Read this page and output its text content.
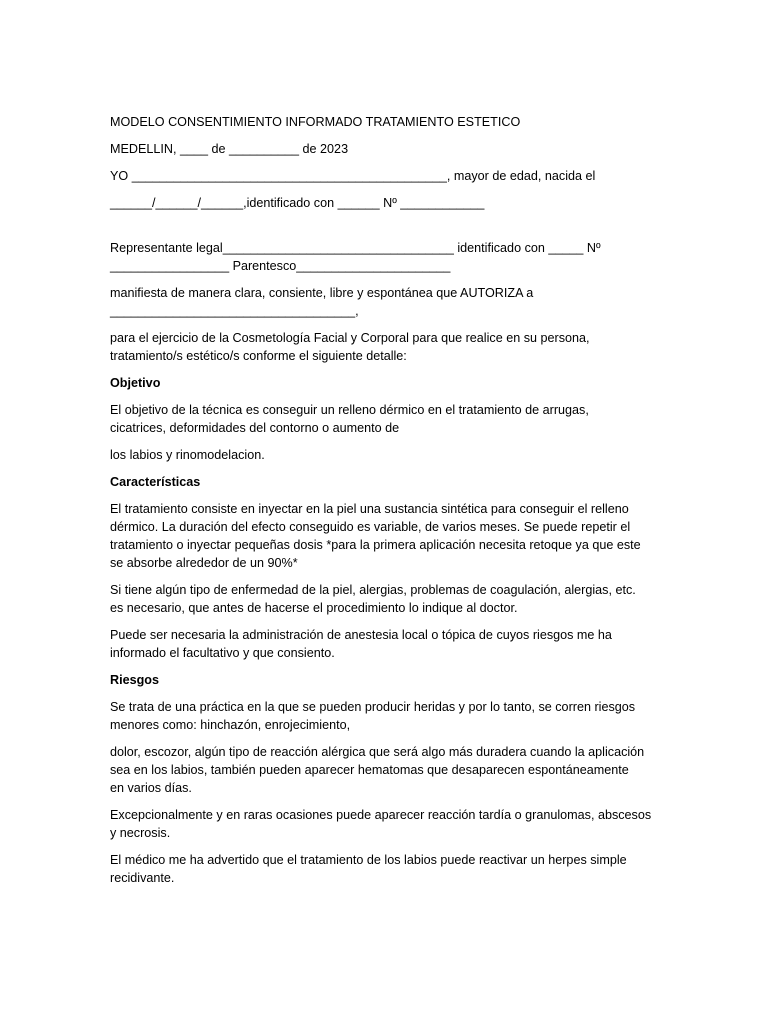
MODELO CONSENTIMIENTO INFORMADO TRATAMIENTO ESTETICO

MEDELLIN, ____ de __________ de 2023

YO _____________________________________________, mayor de edad, nacida el

______/______/______,identificado con ______ Nº ____________

Representante legal_________________________________ identificado con _____ Nº
_________________ Parentesco______________________

manifiesta de manera clara, consiente, libre y espontánea que AUTORIZA a
___________________________________,

para el ejercicio de la Cosmetología Facial y Corporal para que realice en su persona,
tratamiento/s estético/s conforme el siguiente detalle:

Objetivo

El objetivo de la técnica es conseguir un relleno dérmico en el tratamiento de arrugas,
cicatrices, deformidades del contorno o aumento de

los labios y rinomodelacion.

Características

El tratamiento consiste en inyectar en la piel una sustancia sintética para conseguir el relleno
dérmico. La duración del efecto conseguido es variable, de varios meses. Se puede repetir el
tratamiento o inyectar pequeñas dosis *para la primera aplicación necesita retoque ya que este
se absorbe alrededor de un 90%*

Si tiene algún tipo de enfermedad de la piel, alergias, problemas de coagulación, alergias, etc.
es necesario, que antes de hacerse el procedimiento lo indique al doctor.

Puede ser necesaria la administración de anestesia local o tópica de cuyos riesgos me ha
informado el facultativo y que consiento.

Riesgos

Se trata de una práctica en la que se pueden producir heridas y por lo tanto, se corren riesgos
menores como: hinchazón, enrojecimiento,

dolor, escozor, algún tipo de reacción alérgica que será algo más duradera cuando la aplicación
sea en los labios, también pueden aparecer hematomas que desaparecen espontáneamente
en varios días.

Excepcionalmente y en raras ocasiones puede aparecer reacción tardía o granulomas, abscesos
y necrosis.

El médico me ha advertido que el tratamiento de los labios puede reactivar un herpes simple
recidivante.
